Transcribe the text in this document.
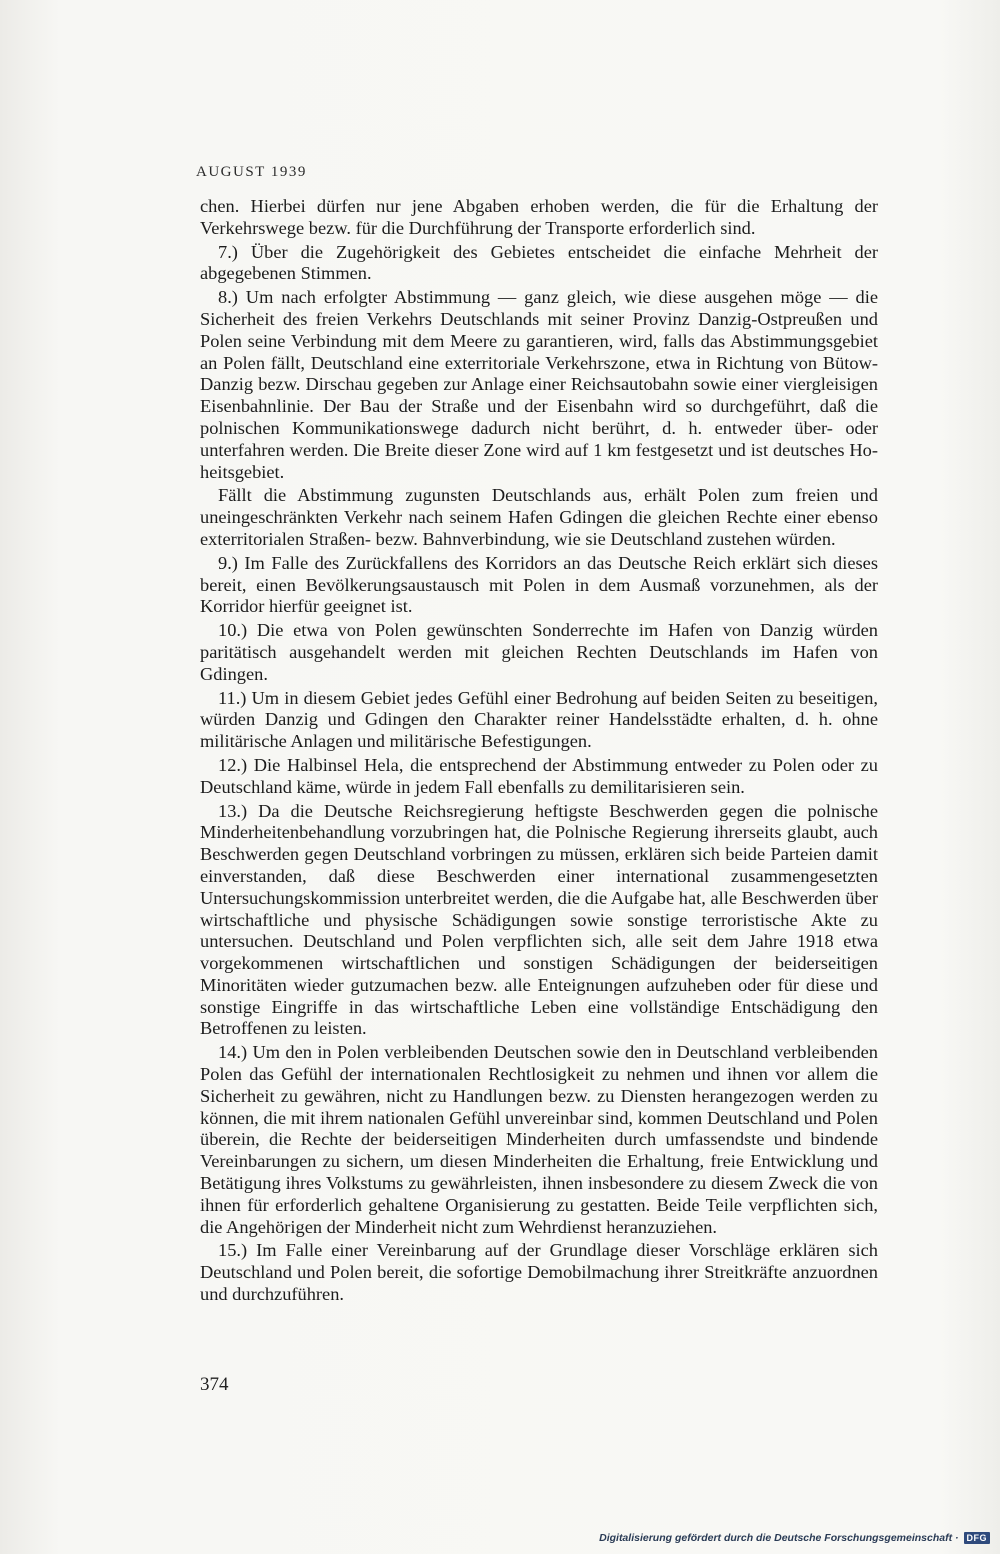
AUGUST 1939

chen. Hierbei dürfen nur jene Abgaben erhoben werden, die für die Erhaltung der Verkehrswege bezw. für die Durchführung der Transporte erforderlich sind.

7.) Über die Zugehörigkeit des Gebietes entscheidet die einfache Mehrheit der abgegebenen Stimmen.

8.) Um nach erfolgter Abstimmung — ganz gleich, wie diese ausgehen möge — die Sicherheit des freien Verkehrs Deutschlands mit seiner Provinz Danzig-Ostpreußen und Polen seine Verbindung mit dem Meere zu garantieren, wird, falls das Abstimmungsgebiet an Polen fällt, Deutschland eine exterritoriale Verkehrszone, etwa in Richtung von Bütow-Danzig bezw. Dirschau gegeben zur Anlage einer Reichsautobahn sowie einer viergleisigen Eisenbahnlinie. Der Bau der Straße und der Eisenbahn wird so durchgeführt, daß die polnischen Kommunikationswege dadurch nicht berührt, d. h. entweder über- oder unterfahren werden. Die Breite dieser Zone wird auf 1 km festgesetzt und ist deutsches Hoheitsgebiet.

Fällt die Abstimmung zugunsten Deutschlands aus, erhält Polen zum freien und uneingeschränkten Verkehr nach seinem Hafen Gdingen die gleichen Rechte einer ebenso exterritorialen Straßen- bezw. Bahnverbindung, wie sie Deutschland zustehen würden.

9.) Im Falle des Zurückfallens des Korridors an das Deutsche Reich erklärt sich dieses bereit, einen Bevölkerungsaustausch mit Polen in dem Ausmaß vorzunehmen, als der Korridor hierfür geeignet ist.

10.) Die etwa von Polen gewünschten Sonderrechte im Hafen von Danzig würden paritätisch ausgehandelt werden mit gleichen Rechten Deutschlands im Hafen von Gdingen.

11.) Um in diesem Gebiet jedes Gefühl einer Bedrohung auf beiden Seiten zu beseitigen, würden Danzig und Gdingen den Charakter reiner Handelsstädte erhalten, d. h. ohne militärische Anlagen und militärische Befestigungen.

12.) Die Halbinsel Hela, die entsprechend der Abstimmung entweder zu Polen oder zu Deutschland käme, würde in jedem Fall ebenfalls zu demilitarisieren sein.

13.) Da die Deutsche Reichsregierung heftigste Beschwerden gegen die polnische Minderheitenbehandlung vorzubringen hat, die Polnische Regierung ihrerseits glaubt, auch Beschwerden gegen Deutschland vorbringen zu müssen, erklären sich beide Parteien damit einverstanden, daß diese Beschwerden einer international zusammengesetzten Untersuchungskommission unterbreitet werden, die die Aufgabe hat, alle Beschwerden über wirtschaftliche und physische Schädigungen sowie sonstige terroristische Akte zu untersuchen. Deutschland und Polen verpflichten sich, alle seit dem Jahre 1918 etwa vorgekommenen wirtschaftlichen und sonstigen Schädigungen der beiderseitigen Minoritäten wieder gutzumachen bezw. alle Enteignungen aufzuheben oder für diese und sonstige Eingriffe in das wirtschaftliche Leben eine vollständige Entschädigung den Betroffenen zu leisten.

14.) Um den in Polen verbleibenden Deutschen sowie den in Deutschland verbleibenden Polen das Gefühl der internationalen Rechtlosigkeit zu nehmen und ihnen vor allem die Sicherheit zu gewähren, nicht zu Handlungen bezw. zu Diensten herangezogen werden zu können, die mit ihrem nationalen Gefühl unvereinbar sind, kommen Deutschland und Polen überein, die Rechte der beiderseitigen Minderheiten durch umfassendste und bindende Vereinbarungen zu sichern, um diesen Minderheiten die Erhaltung, freie Entwicklung und Betätigung ihres Volkstums zu gewährleisten, ihnen insbesondere zu diesem Zweck die von ihnen für erforderlich gehaltene Organisierung zu gestatten. Beide Teile verpflichten sich, die Angehörigen der Minderheit nicht zum Wehrdienst heranzuziehen.

15.) Im Falle einer Vereinbarung auf der Grundlage dieser Vorschläge erklären sich Deutschland und Polen bereit, die sofortige Demobilmachung ihrer Streitkräfte anzuordnen und durchzuführen.

374
Digitalisierung gefördert durch die Deutsche Forschungsgemeinschaft · DFG
